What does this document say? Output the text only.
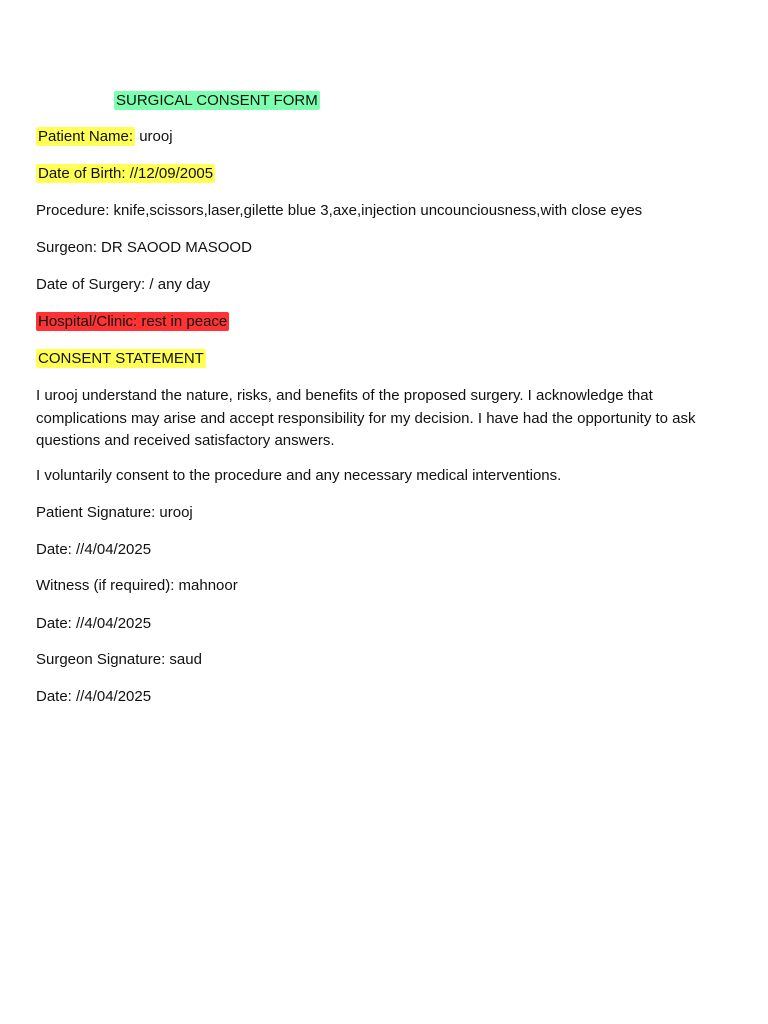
SURGICAL CONSENT FORM
Patient Name: urooj
Date of Birth: //12/09/2005
Procedure: knife,scissors,laser,gilette blue 3,axe,injection uncounciousness,with close eyes
Surgeon: DR SAOOD MASOOD
Date of Surgery: / any day
Hospital/Clinic: rest in peace
CONSENT STATEMENT
I urooj understand the nature, risks, and benefits of the proposed surgery. I acknowledge that complications may arise and accept responsibility for my decision. I have had the opportunity to ask questions and received satisfactory answers.
I voluntarily consent to the procedure and any necessary medical interventions.
Patient Signature: urooj
Date: //4/04/2025
Witness (if required): mahnoor
Date: //4/04/2025
Surgeon Signature: saud
Date: //4/04/2025
